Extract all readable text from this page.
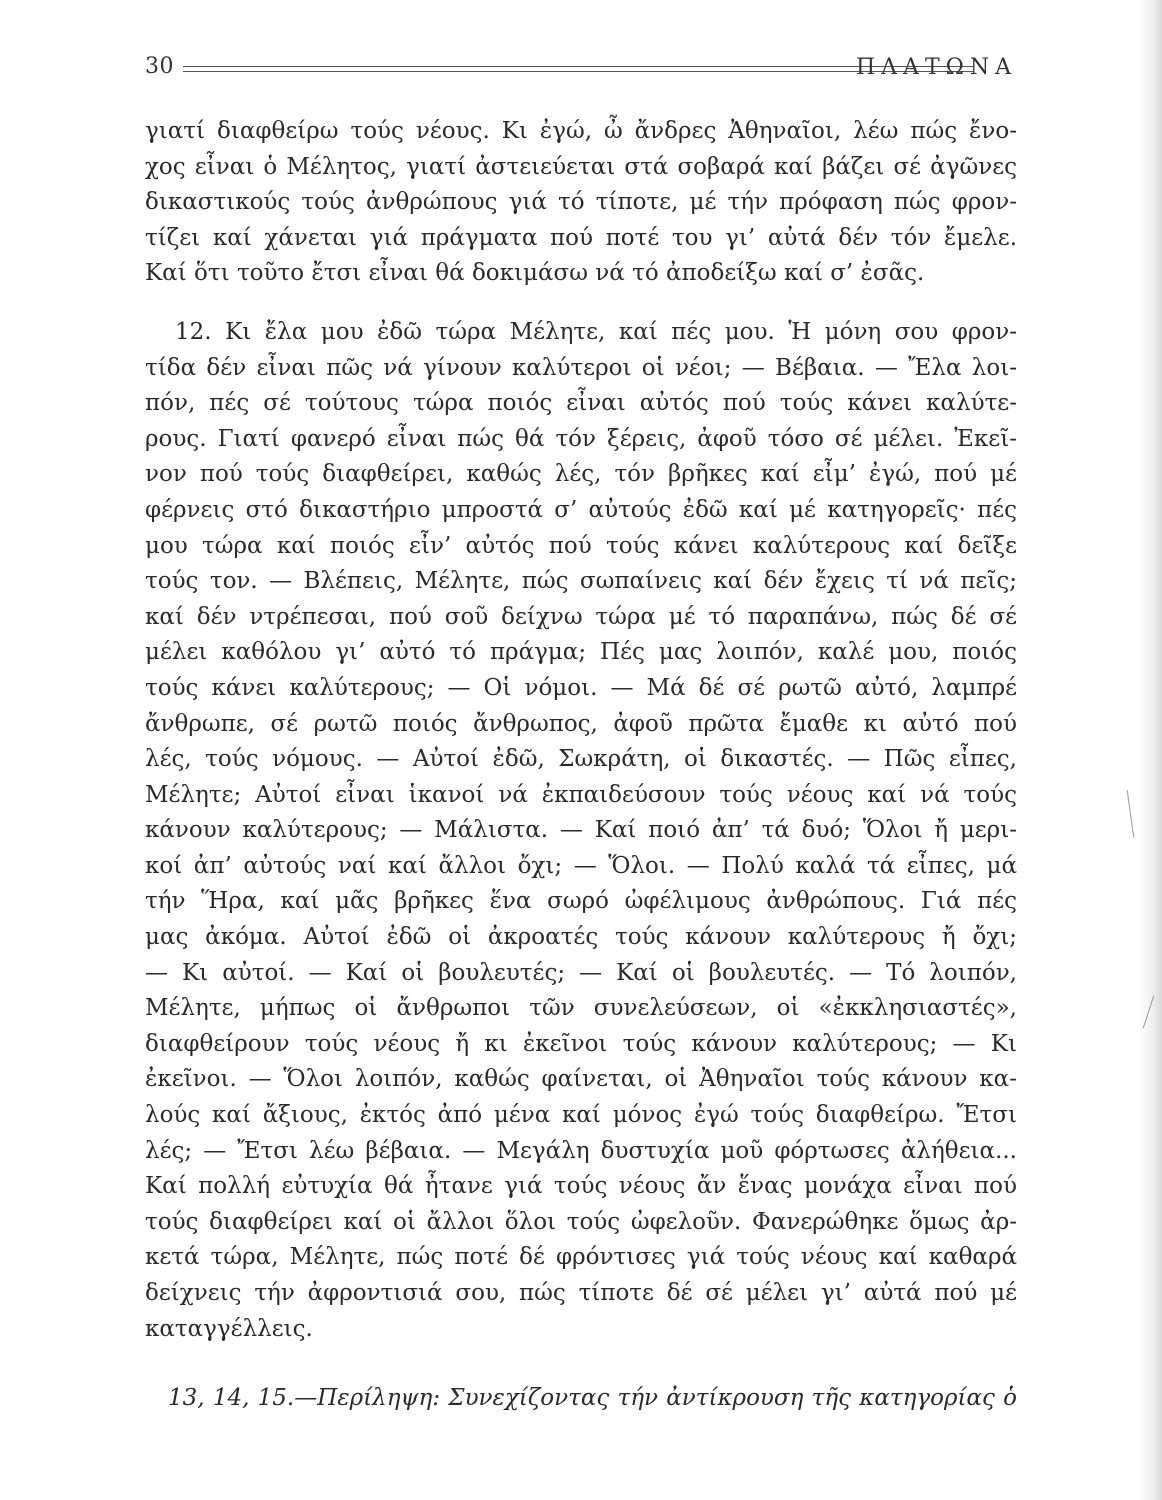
30	ΠΛΑΤΩΝΑ
γιατί διαφθείρω τούς νέους. Κι ἐγώ, ὦ ἄνδρες Ἀθηναῖοι, λέω πώς ἔνο-
χος εἶναι ὁ Μέλητος, γιατί ἀστειεύεται στά σοβαρά καί βάζει σέ ἀγῶνες
δικαστικούς τούς ἀνθρώπους γιά τό τίποτε, μέ τήν πρόφαση πώς φρον-
τίζει καί χάνεται γιά πράγματα πού ποτέ του γι’ αὐτά δέν τόν ἔμελε.
Καί ὅτι τοῦτο ἔτσι εἶναι θά δοκιμάσω νά τό ἀποδείξω καί σ’ ἐσᾶς.
12. Κι ἔλα μου ἐδῶ τώρα Μέλητε, καί πές μου. Ἡ μόνη σου φρον-
τίδα δέν εἶναι πῶς νά γίνουν καλύτεροι οἱ νέοι; — Βέβαια. — Ἔλα λοι-
πόν, πές σέ τούτους τώρα ποιός εἶναι αὐτός πού τούς κάνει καλύτε-
ρους. Γιατί φανερό εἶναι πώς θά τόν ξέρεις, ἀφοῦ τόσο σέ μέλει. Ἐκεῖ-
νον πού τούς διαφθείρει, καθώς λές, τόν βρῆκες καί εἶμ’ ἐγώ, πού μέ
φέρνεις στό δικαστήριο μπροστά σ’ αὐτούς ἐδῶ καί μέ κατηγορεῖς· πές
μου τώρα καί ποιός εἶν’ αὐτός πού τούς κάνει καλύτερους καί δεῖξε
τούς τον. — Βλέπεις, Μέλητε, πώς σωπαίνεις καί δέν ἔχεις τί νά πεῖς;
καί δέν ντρέπεσαι, πού σοῦ δείχνω τώρα μέ τό παραπάνω, πώς δέ σέ
μέλει καθόλου γι’ αὐτό τό πράγμα; Πές μας λοιπόν, καλέ μου, ποιός
τούς κάνει καλύτερους; — Οἱ νόμοι. — Μά δέ σέ ρωτῶ αὐτό, λαμπρέ
ἄνθρωπε, σέ ρωτῶ ποιός ἄνθρωπος, ἀφοῦ πρῶτα ἔμαθε κι αὐτό πού
λές, τούς νόμους. — Αὐτοί ἐδῶ, Σωκράτη, οἱ δικαστές. — Πῶς εἶπες,
Μέλητε; Αὐτοί εἶναι ἱκανοί νά ἐκπαιδεύσουν τούς νέους καί νά τούς
κάνουν καλύτερους; — Μάλιστα. — Καί ποιό ἀπ’ τά δυό; Ὅλοι ἤ μερι-
κοί ἀπ’ αὐτούς ναί καί ἄλλοι ὄχι; — Ὅλοι. — Πολύ καλά τά εἶπες, μά
τήν Ἥρα, καί μᾶς βρῆκες ἕνα σωρό ὠφέλιμους ἀνθρώπους. Γιά πές
μας ἀκόμα. Αὐτοί ἐδῶ οἱ ἀκροατές τούς κάνουν καλύτερους ἤ ὄχι;
— Κι αὐτοί. — Καί οἱ βουλευτές; — Καί οἱ βουλευτές. — Τό λοιπόν,
Μέλητε, μήπως οἱ ἄνθρωποι τῶν συνελεύσεων, οἱ «ἐκκλησιαστές»,
διαφθείρουν τούς νέους ἤ κι ἐκεῖνοι τούς κάνουν καλύτερους; — Κι
ἐκεῖνοι. — Ὅλοι λοιπόν, καθώς φαίνεται, οἱ Ἀθηναῖοι τούς κάνουν κα-
λούς καί ἄξιους, ἐκτός ἀπό μένα καί μόνος ἐγώ τούς διαφθείρω. Ἔτσι
λές; — Ἔτσι λέω βέβαια. — Μεγάλη δυστυχία μοῦ φόρτωσες ἀλήθεια...
Καί πολλή εὐτυχία θά ἦτανε γιά τούς νέους ἄν ἕνας μονάχα εἶναι πού
τούς διαφθείρει καί οἱ ἄλλοι ὅλοι τούς ὠφελοῦν. Φανερώθηκε ὅμως ἀρ-
κετά τώρα, Μέλητε, πώς ποτέ δέ φρόντισες γιά τούς νέους καί καθαρά
δείχνεις τήν ἀφροντισιά σου, πώς τίποτε δέ σέ μέλει γι’ αὐτά πού μέ
καταγγέλλεις.
13, 14, 15.—Περίληψη: Συνεχίζοντας τήν ἀντίκρουση τῆς κατηγορίας ὁ
